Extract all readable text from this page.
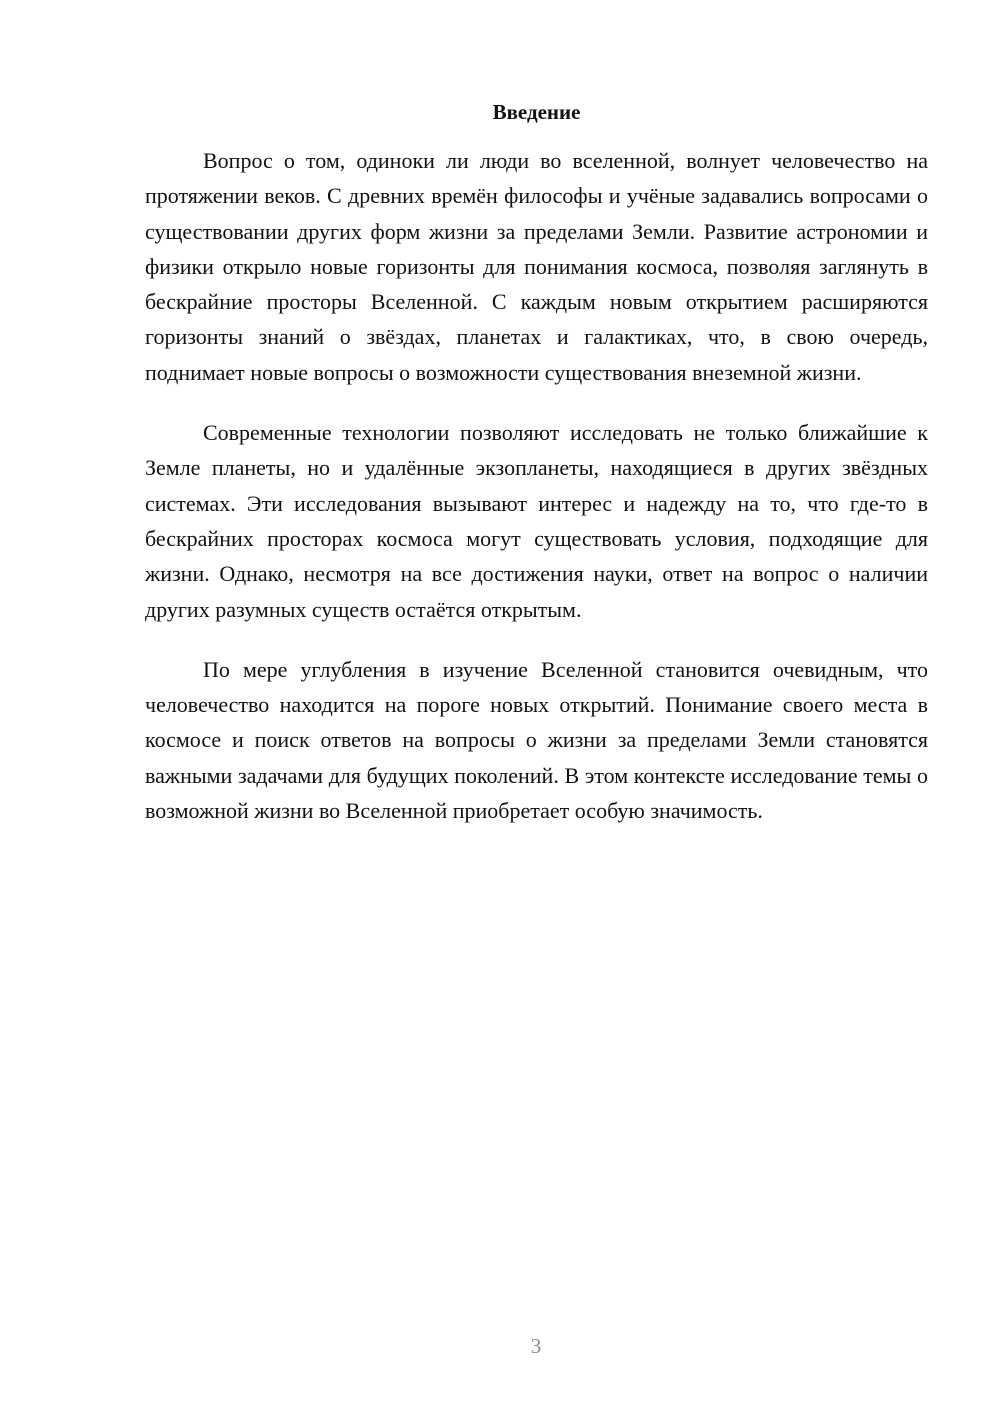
Введение

Вопрос о том, одиноки ли люди во вселенной, волнует человечество на протяжении веков. С древних времён философы и учёные задавались вопросами о существовании других форм жизни за пределами Земли. Развитие астрономии и физики открыло новые горизонты для понимания космоса, позволяя заглянуть в бескрайние просторы Вселенной. С каждым новым открытием расширяются горизонты знаний о звёздах, планетах и галактиках, что, в свою очередь, поднимает новые вопросы о возможности существования внеземной жизни.

Современные технологии позволяют исследовать не только ближайшие к Земле планеты, но и удалённые экзопланеты, находящиеся в других звёздных системах. Эти исследования вызывают интерес и надежду на то, что где-то в бескрайних просторах космоса могут существовать условия, подходящие для жизни. Однако, несмотря на все достижения науки, ответ на вопрос о наличии других разумных существ остаётся открытым.

По мере углубления в изучение Вселенной становится очевидным, что человечество находится на пороге новых открытий. Понимание своего места в космосе и поиск ответов на вопросы о жизни за пределами Земли становятся важными задачами для будущих поколений. В этом контексте исследование темы о возможной жизни во Вселенной приобретает особую значимость.

3
